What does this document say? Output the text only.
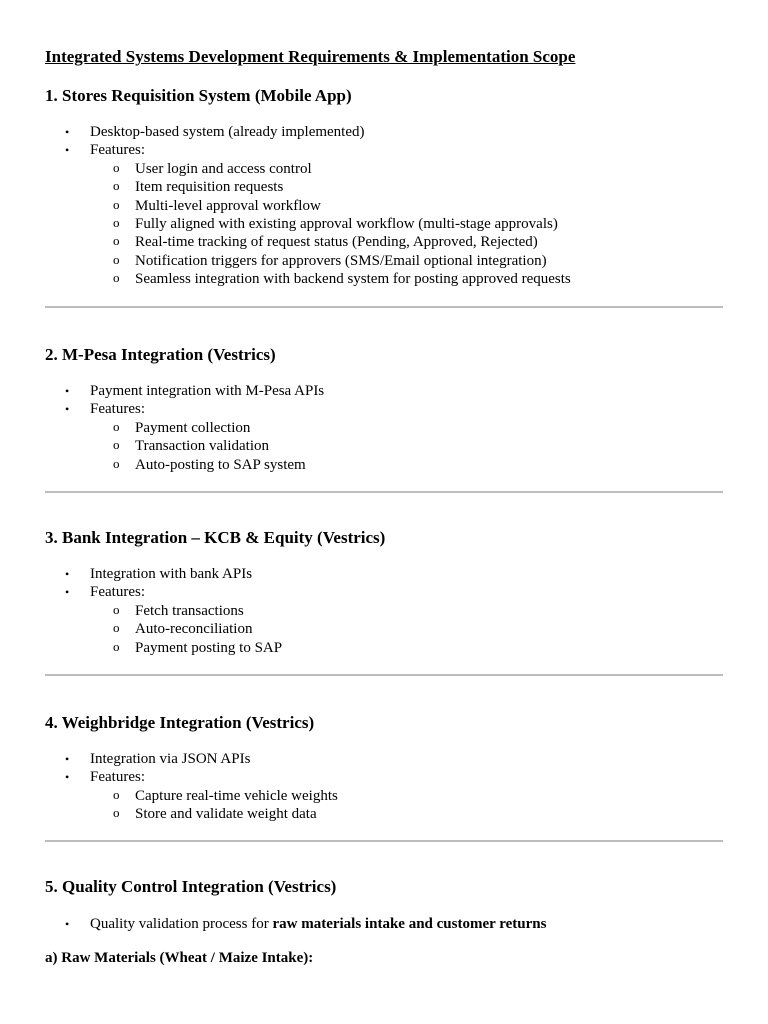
Integrated Systems Development Requirements & Implementation Scope
1. Stores Requisition System (Mobile App)
• Desktop-based system (already implemented)
• Features:
o User login and access control
o Item requisition requests
o Multi-level approval workflow
o Fully aligned with existing approval workflow (multi-stage approvals)
o Real-time tracking of request status (Pending, Approved, Rejected)
o Notification triggers for approvers (SMS/Email optional integration)
o Seamless integration with backend system for posting approved requests
2. M-Pesa Integration (Vestrics)
• Payment integration with M-Pesa APIs
• Features:
o Payment collection
o Transaction validation
o Auto-posting to SAP system
3. Bank Integration – KCB & Equity (Vestrics)
• Integration with bank APIs
• Features:
o Fetch transactions
o Auto-reconciliation
o Payment posting to SAP
4. Weighbridge Integration (Vestrics)
• Integration via JSON APIs
• Features:
o Capture real-time vehicle weights
o Store and validate weight data
5. Quality Control Integration (Vestrics)
• Quality validation process for raw materials intake and customer returns

a) Raw Materials (Wheat / Maize Intake):
